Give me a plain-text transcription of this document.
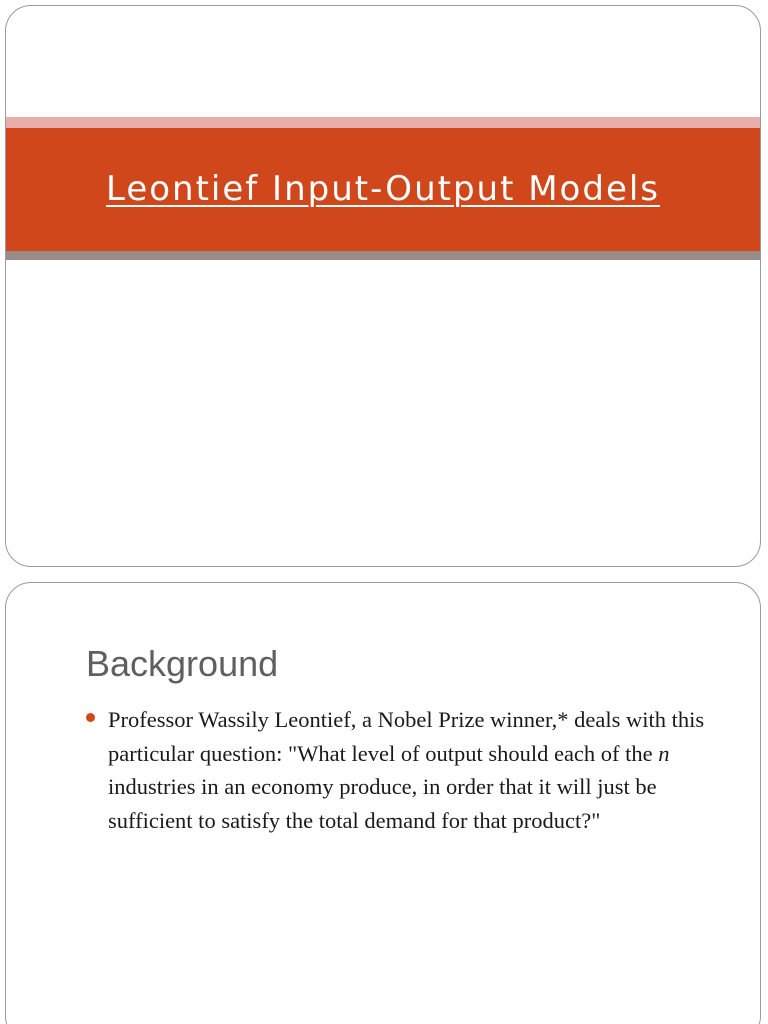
Leontief Input-Output Models
Background
Professor Wassily Leontief, a Nobel Prize winner,* deals with this particular question: "What level of output should each of the n industries in an economy produce, in order that it will just be sufficient to satisfy the total demand for that product?"
